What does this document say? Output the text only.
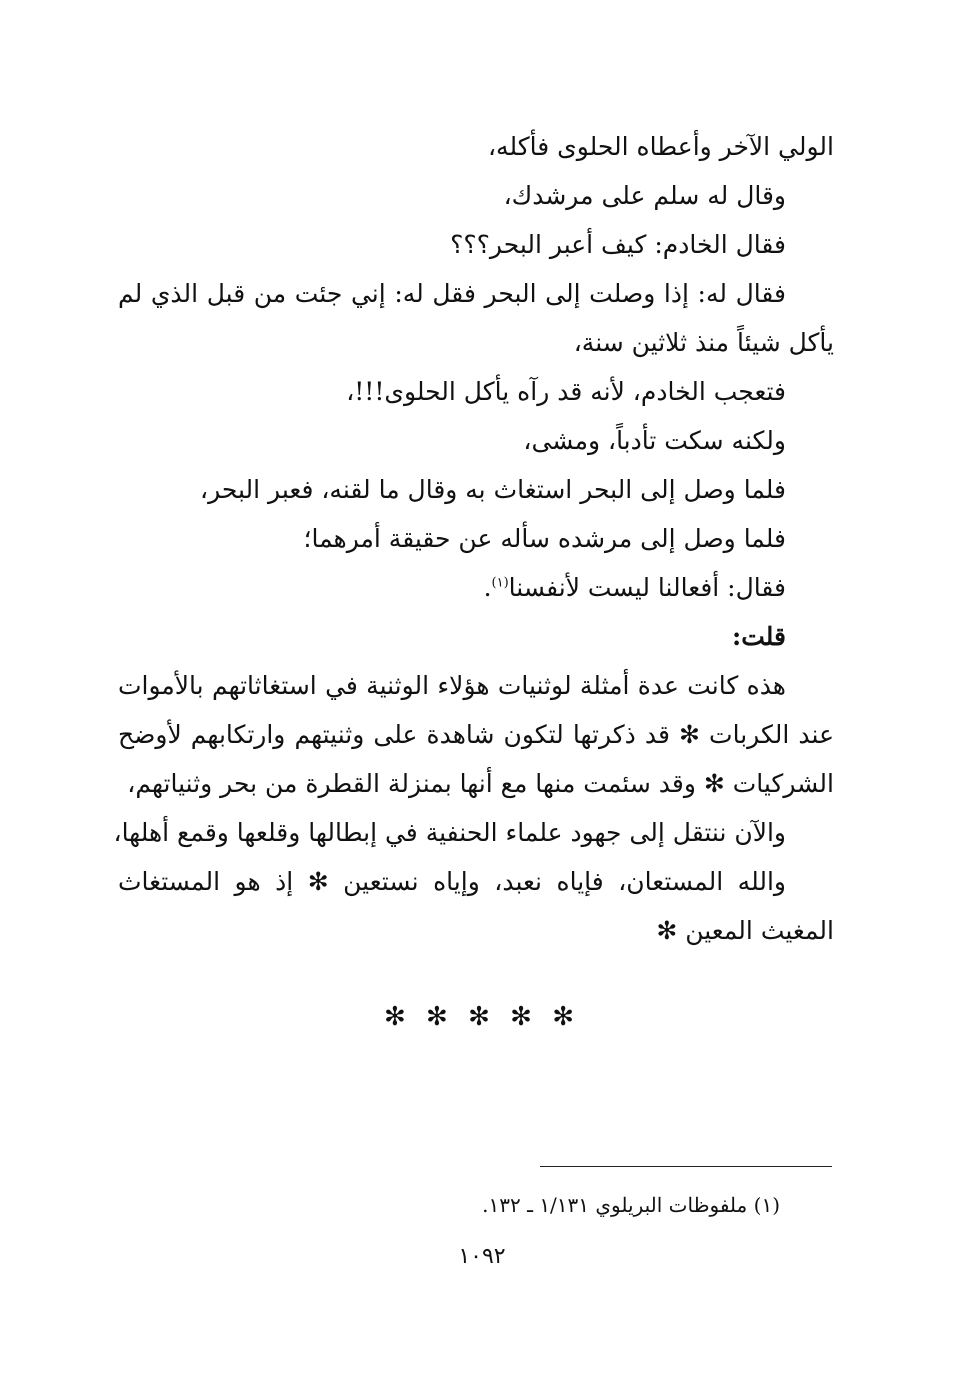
الولي الآخر وأعطاه الحلوى فأكله،
وقال له سلم على مرشدك،
فقال الخادم: كيف أعبر البحر؟؟؟
فقال له: إذا وصلت إلى البحر فقل له: إني جئت من قبل الذي لم
يأكل شيئاً منذ ثلاثين سنة،
فتعجب الخادم، لأنه قد رآه يأكل الحلوى!!!،
ولكنه سكت تأدباً، ومشى،
فلما وصل إلى البحر استغاث به وقال ما لقنه، فعبر البحر،
فلما وصل إلى مرشده سأله عن حقيقة أمرهما؛
فقال: أفعالنا ليست لأنفسنا$^{(١)}$.
قلت:
هذه كانت عدة أمثلة لوثنيات هؤلاء الوثنية في استغاثاتهم بالأموات
عند الكربات ✻ قد ذكرتها لتكون شاهدة على وثنيتهم وارتكابهم لأوضح
الشركيات ✻ وقد سئمت منها مع أنها بمنزلة القطرة من بحر وثنياتهم،
والآن ننتقل إلى جهود علماء الحنفية في إبطالها وقلعها وقمع أهلها،
والله المستعان، فإياه نعبد، وإياه نستعين ✻ إذ هو المستغاث
المغيث المعين ✻
✻ ✻ ✻ ✻ ✻
(١) ملفوظات البريلوي ١/١٣١ ـ ١٣٢.
١٠٩٢
